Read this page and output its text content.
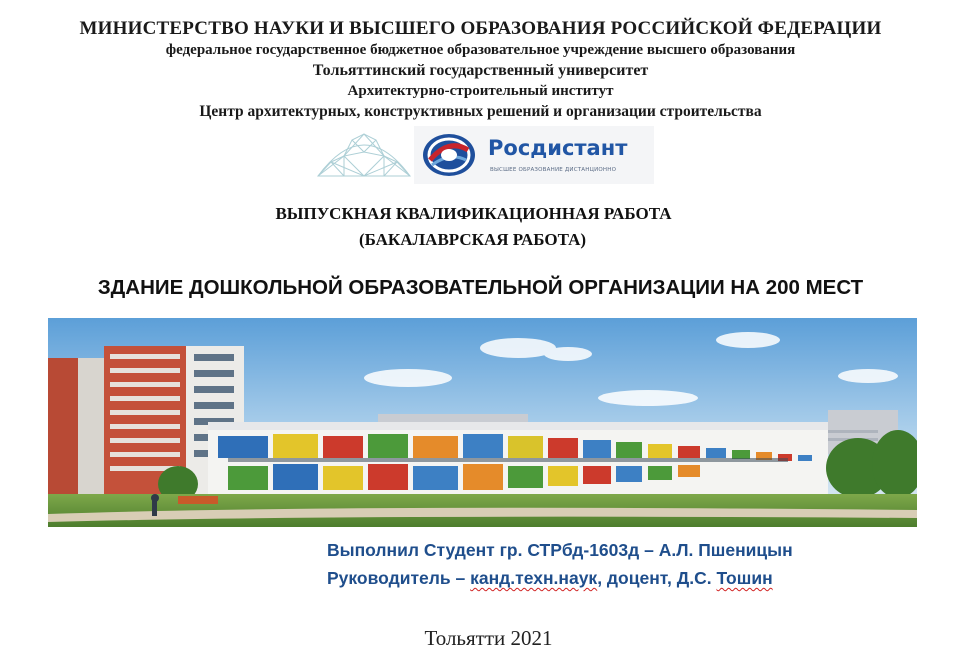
МИНИСТЕРСТВО НАУКИ И ВЫСШЕГО ОБРАЗОВАНИЯ РОССИЙСКОЙ ФЕДЕРАЦИИ
федеральное государственное бюджетное образовательное учреждение высшего образования
Тольяттинский государственный университет
Архитектурно-строительный институт
Центр архитектурных, конструктивных решений и организации строительства
Росдистант
ВЫСШЕЕ ОБРАЗОВАНИЕ ДИСТАНЦИОННО
ВЫПУСКНАЯ КВАЛИФИКАЦИОННАЯ РАБОТА
(БАКАЛАВРСКАЯ РАБОТА)
ЗДАНИЕ ДОШКОЛЬНОЙ ОБРАЗОВАТЕЛЬНОЙ ОРГАНИЗАЦИИ НА 200 МЕСТ
Выполнил Студент гр. СТРбд-1603д – А.Л. Пшеницын
Руководитель – канд.техн.наук, доцент, Д.С. Тошин
Тольятти 2021
